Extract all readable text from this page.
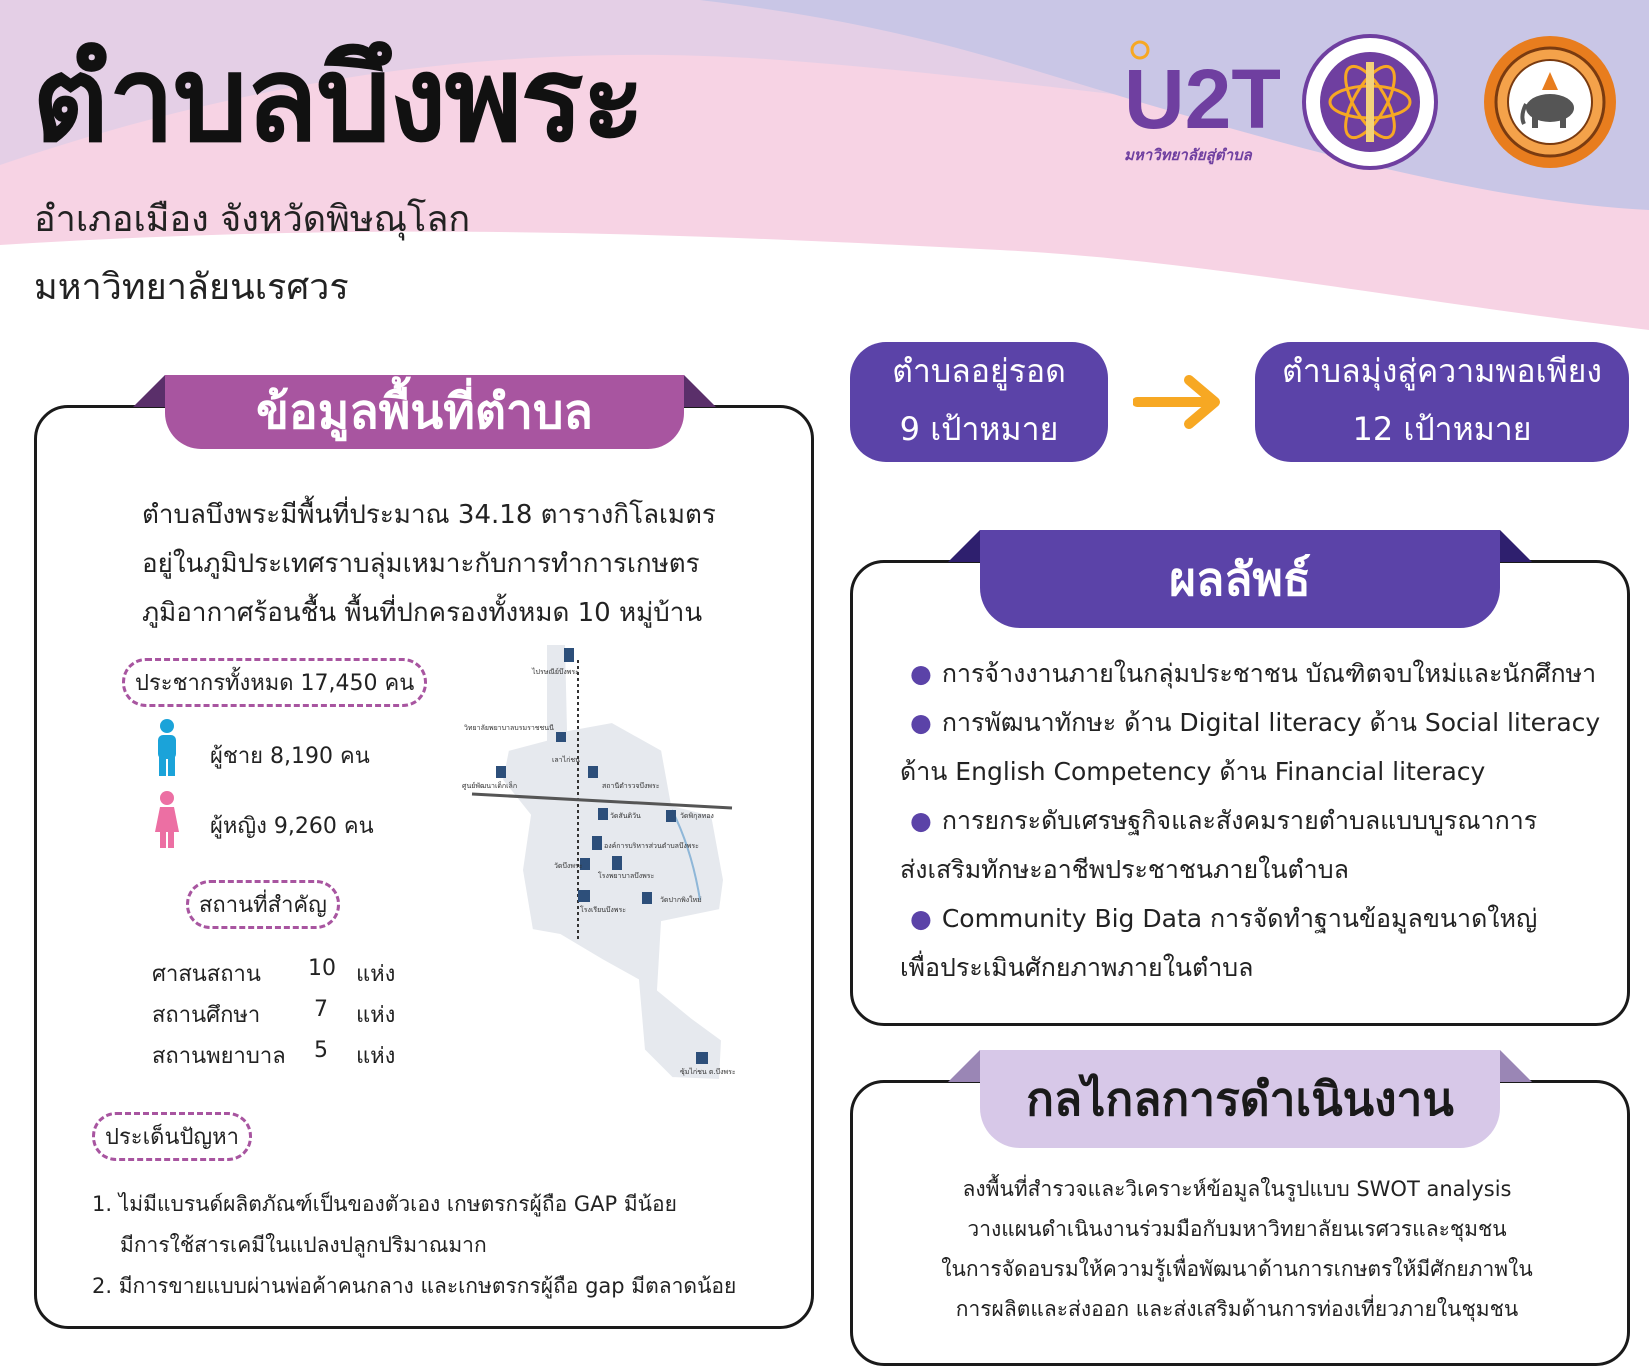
ตำบลบึงพระ
อำเภอเมือง จังหวัดพิษณุโลก
มหาวิทยาลัยนเรศวร
U2T
มหาวิทยาลัยสู่ตำบล
ตำบลอยู่รอด
9 เป้าหมาย
ตำบลมุ่งสู่ความพอเพียง
12 เป้าหมาย
ข้อมูลพื้นที่ตำบล
ตำบลบึงพระมีพื้นที่ประมาณ 34.18 ตารางกิโลเมตร
อยู่ในภูมิประเทศราบลุ่มเหมาะกับการทำการเกษตร
ภูมิอากาศร้อนชื้น พื้นที่ปกครองทั้งหมด 10 หมู่บ้าน
ประชากรทั้งหมด 17,450 คน
ผู้ชาย 8,190 คน
ผู้หญิง 9,260 คน
สถานที่สำคัญ
ศาสนสถาน 10 แห่ง
สถานศึกษา 7 แห่ง
สถานพยาบาล 5 แห่ง
ไปรษณีย์บึงพระ
วิทยาลัยพยาบาลบรมราชชนนี
ศูนย์พัฒนาเด็กเล็ก
เลาไก่ชน
สถานีตำรวจบึงพระ
วัดสันติวัน	วัดพิกุลทอง
องค์การบริหารส่วนตำบลบึงพระ
วัดบึงพระ
โรงพยาบาลบึงพระ
วัดปากพิงใหม่
โรงเรียนบึงพระ
ซุ้มไก่ชน ต.บึงพระ
ประเด็นปัญหา
1. ไม่มีแบรนด์ผลิตภัณฑ์เป็นของตัวเอง เกษตรกรผู้ถือ GAP มีน้อย
มีการใช้สารเคมีในแปลงปลูกปริมาณมาก
2. มีการขายแบบผ่านพ่อค้าคนกลาง และเกษตรกรผู้ถือ gap มีตลาดน้อย
ผลลัพธ์
● การจ้างงานภายในกลุ่มประชาชน บัณฑิตจบใหม่และนักศึกษา
● การพัฒนาทักษะ ด้าน Digital literacy ด้าน Social literacy
ด้าน English Competency ด้าน Financial literacy
● การยกระดับเศรษฐกิจและสังคมรายตำบลแบบบูรณาการ
ส่งเสริมทักษะอาชีพประชาชนภายในตำบล
● Community Big Data การจัดทำฐานข้อมูลขนาดใหญ่
เพื่อประเมินศักยภาพภายในตำบล
กลไกลการดำเนินงาน
ลงพื้นที่สำรวจและวิเคราะห์ข้อมูลในรูปแบบ SWOT analysis
วางแผนดำเนินงานร่วมมือกับมหาวิทยาลัยนเรศวรและชุมชน
ในการจัดอบรมให้ความรู้เพื่อพัฒนาด้านการเกษตรให้มีศักยภาพใน
การผลิตและส่งออก และส่งเสริมด้านการท่องเที่ยวภายในชุมชน
